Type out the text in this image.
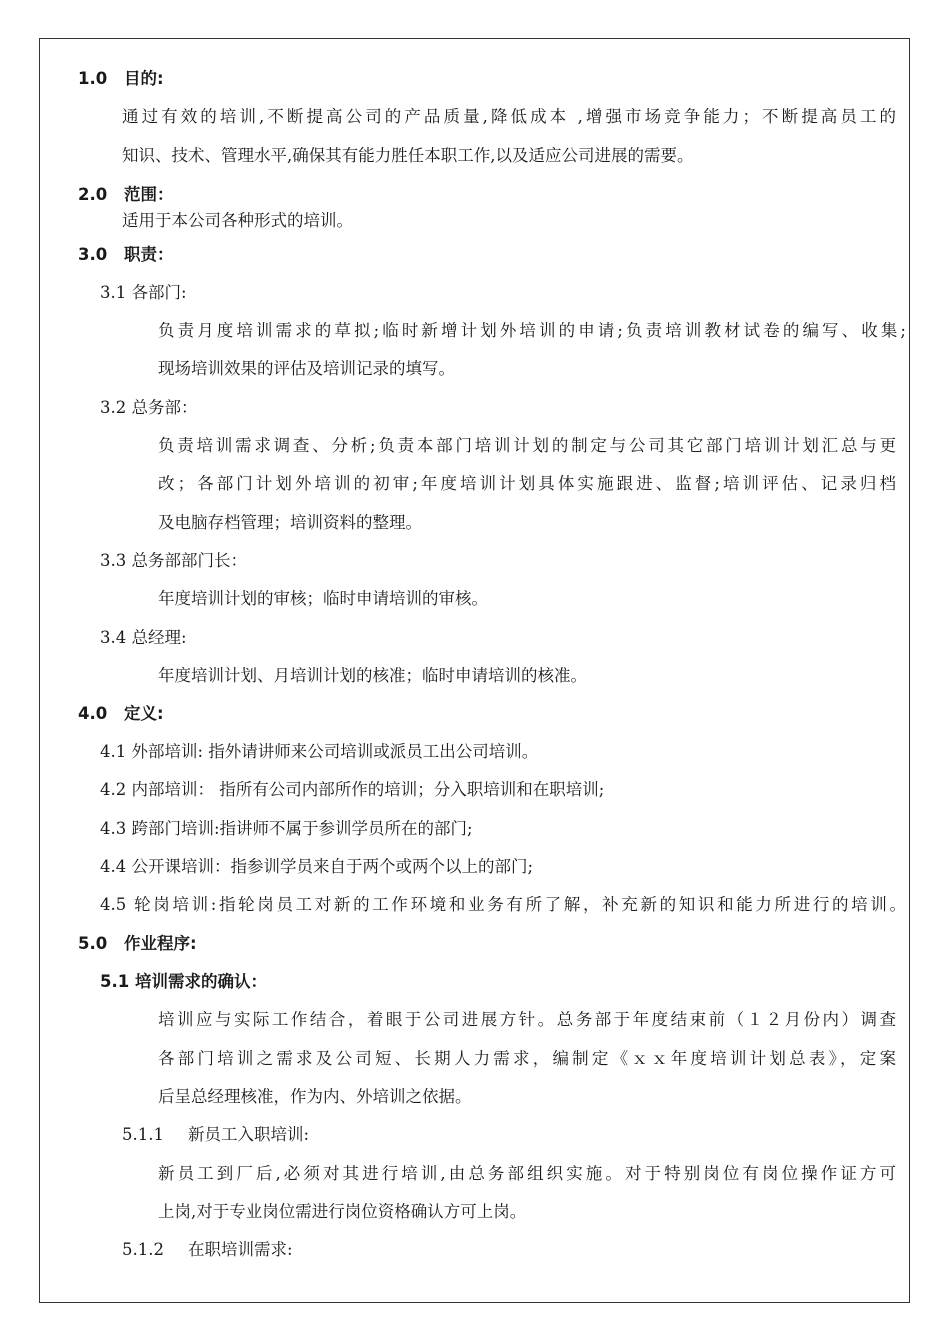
1.0 目的:
通过有效的培训,不断提高公司的产品质量,降低成本 ,增强市场竞争能力；不断提高员工的
知识、技术、管理水平,确保其有能力胜任本职工作,以及适应公司进展的需要。
2.0 范围：
适用于本公司各种形式的培训。
3.0 职责：
3.1 各部门:
负责月度培训需求的草拟;临时新增计划外培训的申请;负责培训教材试卷的编写、收集;
现场培训效果的评估及培训记录的填写。
3.2 总务部：
负责培训需求调查、分析;负责本部门培训计划的制定与公司其它部门培训计划汇总与更
改；各部门计划外培训的初审;年度培训计划具体实施跟进、监督;培训评估、记录归档
及电脑存档管理；培训资料的整理。
3.3 总务部部门长：
年度培训计划的审核；临时申请培训的审核。
3.4 总经理:
年度培训计划、月培训计划的核准；临时申请培训的核准。
4.0 定义:
4.1 外部培训: 指外请讲师来公司培训或派员工出公司培训。
4.2 内部培训： 指所有公司内部所作的培训；分入职培训和在职培训;
4.3 跨部门培训:指讲师不属于参训学员所在的部门;
4.4 公开课培训：指参训学员来自于两个或两个以上的部门;
4.5 轮岗培训:指轮岗员工对新的工作环境和业务有所了解，补充新的知识和能力所进行的培训。
5.0 作业程序:
5.1 培训需求的确认：
培训应与实际工作结合，着眼于公司进展方针。总务部于年度结束前（１２月份内）调查
各部门培训之需求及公司短、长期人力需求，编制定《ｘｘ年度培训计划总表》，定案
后呈总经理核准，作为内、外培训之依据。
5.1.1 新员工入职培训:
新员工到厂后,必须对其进行培训,由总务部组织实施。对于特别岗位有岗位操作证方可
上岗,对于专业岗位需进行岗位资格确认方可上岗。
5.1.2 在职培训需求:
